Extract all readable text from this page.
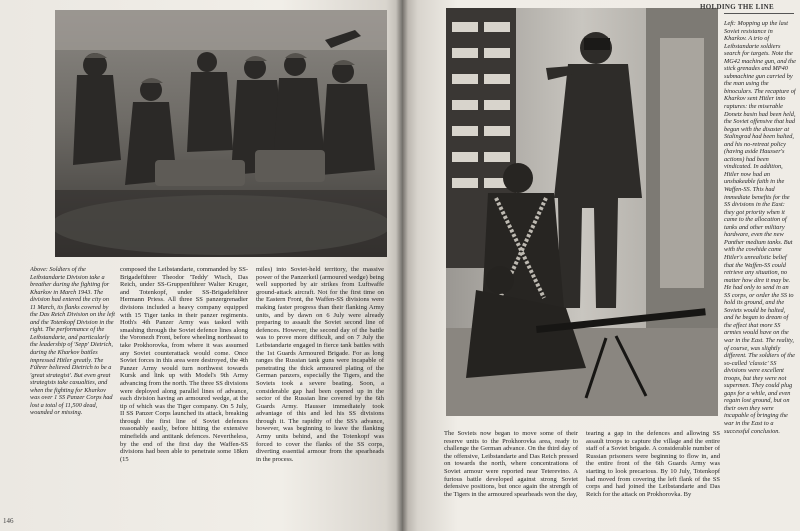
Above: Soldiers of the Leibstandarte Division take a breather during the fighting for Kharkov in March 1943. The division had entered the city on 11 March, its flanks covered by the Das Reich Division on the left and the Totenkopf Division in the right. The performance of the Leibstandarte, and particularly the leadership of 'Sepp' Dietrich, during the Kharkov battles impressed Hitler greatly. The Führer believed Dietrich to be a 'great strategist'. But even great strategists take casualties, and when the fighting for Kharkov was over 1 SS Panzer Corps had lost a total of 11,500 dead, wounded or missing.

composed the Leibstandarte, commanded by SS-Brigadeführer Theodor 'Teddy' Wisch, Das Reich, under SS-Gruppenführer Walter Kruger, and Totenkopf, under SS-Brigadeführer Hermann Priess. All three SS panzergrenadier divisions included a heavy company equipped with 15 Tiger tanks in their panzer regiments. Hoth's 4th Panzer Army was tasked with smashing through the Soviet defence lines along the Voronezh Front, before wheeling northeast to take Prokhorovka, from where it was assumed any Soviet counterattack would come. Once Soviet forces in this area were destroyed, the 4th Panzer Army would turn northwest towards Kursk and link up with Model's 9th Army advancing from the north. The three SS divisions were deployed along parallel lines of advance, each division having an armoured wedge, at the tip of which was the Tiger company. On 5 July, II SS Panzer Corps launched its attack, breaking through the first line of Soviet defences reasonably easily, before hitting the extensive minefields and antitank defences. Nevertheless, by the end of the first day the Waffen-SS divisions had been able to penetrate some 18km (15

miles) into Soviet-held territory, the massive power of the Panzerkeil (armoured wedge) being well supported by air strikes from Luftwaffe ground-attack aircraft. Not for the first time on the Eastern Front, the Waffen-SS divisions were making faster progress than their flanking Army units, and by dawn on 6 July were already preparing to assault the Soviet second line of defences. However, the second day of the battle was to prove more difficult, and on 7 July the Leibstandarte engaged in fierce tank battles with the 1st Guards Armoured Brigade. For as long ranges the Russian tank guns were incapable of penetrating the thick armoured plating of the German panzers, especially the Tigers, and the Soviets took a severe beating. Soon, a considerable gap had been opened up in the sector of the Russian line covered by the 6th Guards Army. Hausser immediately took advantage of this and led his SS divisions through it. The rapidity of the SS's advance, however, was beginning to leave the flanking Army units behind, and the Totenkopf was forced to cover the flanks of the SS corps, diverting essential armour from the spearheads in the process.

146
HOLDING THE LINE

Left: Mopping up the last Soviet resistance in Kharkov. A trio of Leibstandarte soldiers search for targets. Note the MG42 machine gun, and the stick grenades and MP40 submachine gun carried by the man using the binoculars. The recapture of Kharkov sent Hitler into raptures: the miserable Donetz basin had been held, the Soviet offensive that had begun with the disaster at Stalingrad had been halted, and his no-retreat policy (having aside Hausser's actions) had been vindicated. In addition, Hitler now had an unshakeable faith in the Waffen-SS. This had immediate benefits for the SS divisions in the East: they got priority when it came to the allocation of tanks and other military hardware, even the new Panther medium tanks. But with the cowhide came Hitler's unrealistic belief that the Waffen-SS could retrieve any situation, no matter how dire it may be. He had only to send in an SS corps, or order the SS to hold its ground, and the Soviets would be halted, and he began to dream of the effect that more SS armies would have on the war in the East. The reality, of course, was slightly different. The soldiers of the so-called 'classic' SS divisions were excellent troops, but they were not supermen. They could plug gaps for a while, and even regain lost ground, but on their own they were incapable of bringing the war in the East to a successful conclusion.

The Soviets now began to move some of their reserve units to the Prokhorovka area, ready to challenge the German advance. On the third day of the offensive, Leibstandarte and Das Reich pressed on towards the north, where concentrations of Soviet armour were reported near Teterevino. A furious battle developed against strong Soviet defensive positions, but once again the strength of the Tigers in the armoured spearheads won the day,

tearing a gap in the defences and allowing SS assault troops to capture the village and the entire staff of a Soviet brigade. A considerable number of Russian prisoners were beginning to flow in, and the entire front of the 6th Guards Army was starting to look precarious. By 10 July, Totenkopf had moved from covering the left flank of the SS corps and had joined the Leibstandarte and Das Reich for the attack on Prokhorovka. By
